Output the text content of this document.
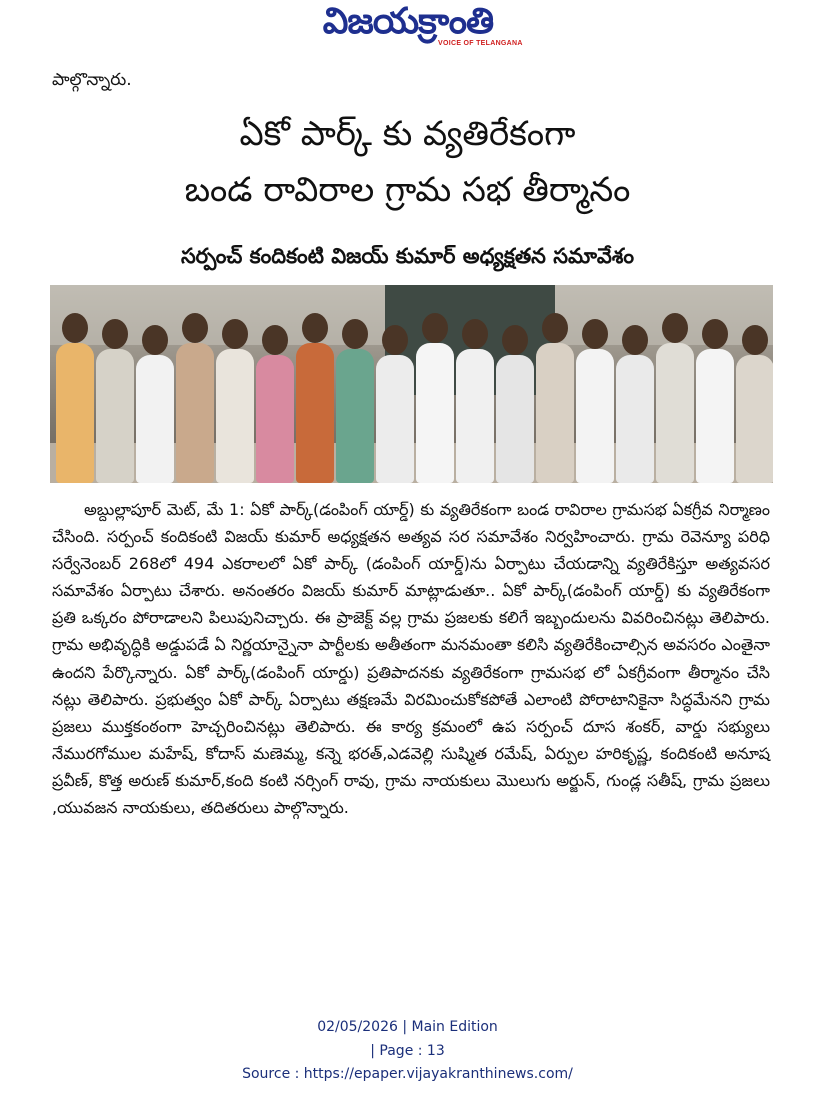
విజయక్రాంతి
VOICE OF TELANGANA
పాల్గొన్నారు.
ఏకో పార్క్ కు వ్యతిరేకంగా
బండ రావిరాల గ్రామ సభ తీర్మానం
సర్పంచ్ కందికంటి విజయ్ కుమార్ అధ్యక్షతన సమావేశం

అబ్దుల్లాపూర్ మెట్, మే 1: ఏకో పార్క్(డంపింగ్ యార్డ్) కు వ్యతిరేకంగా బండ రావిరాల గ్రామసభ ఏకగ్రీవ నిర్మాణం చేసింది. సర్పంచ్ కందికంటి విజయ్ కుమార్ అధ్యక్షతన అత్యవ సర సమావేశం నిర్వహించారు. గ్రామ రెవెన్యూ పరిధి సర్వేనెంబర్ 268లో 494 ఎకరాలలో ఏకో పార్క్ (డంపింగ్ యార్డ్)ను ఏర్పాటు చేయడాన్ని వ్యతిరేకిస్తూ అత్యవసర సమావేశం ఏర్పాటు చేశారు. అనంతరం విజయ్ కుమార్ మాట్లాడుతూ.. ఏకో పార్క్(డంపింగ్ యార్డ్) కు వ్యతిరేకంగా ప్రతి ఒక్కరం పోరాడాలని పిలుపునిచ్చారు. ఈ ప్రాజెక్ట్ వల్ల గ్రామ ప్రజలకు కలిగే ఇబ్బందులను వివరించినట్లు తెలిపారు. గ్రామ అభివృద్ధికి అడ్డుపడే ఏ నిర్ణయాన్నైనా పార్టీలకు అతీతంగా మనమంతా కలిసి వ్యతిరేకించాల్సిన అవసరం ఎంతైనా ఉందని పేర్కొన్నారు. ఏకో పార్క్(డంపింగ్ యార్డు) ప్రతిపాదనకు వ్యతిరేకంగా గ్రామసభ లో ఏకగ్రీవంగా తీర్మానం చేసి నట్లు తెలిపారు. ప్రభుత్వం ఏకో పార్క్ ఏర్పాటు తక్షణమే విరమించుకోకపోతే ఎలాంటి పోరాటానికైనా సిద్ధమేనని గ్రామ ప్రజలు ముక్తకంఠంగా హెచ్చరించినట్లు తెలిపారు. ఈ కార్య క్రమంలో ఉప సర్పంచ్ దూస శంకర్, వార్డు సభ్యులు నేమురగోముల మహేష్, కోదాస్ మణెమ్మ, కన్నె భరత్,ఎడవెల్లి సుష్మిత రమేష్, ఏర్పుల హరికృష్ణ, కందికంటి అనూష ప్రవీణ్, కొత్త అరుణ్ కుమార్,కంది కంటి నర్సింగ్ రావు, గ్రామ నాయకులు మొలుగు అర్జున్, గుండ్ల సతీష్, గ్రామ ప్రజలు ,యువజన నాయకులు, తదితరులు పాల్గొన్నారు.

02/05/2026 | Main Edition
| Page : 13
Source : https://epaper.vijayakranthinews.com/
